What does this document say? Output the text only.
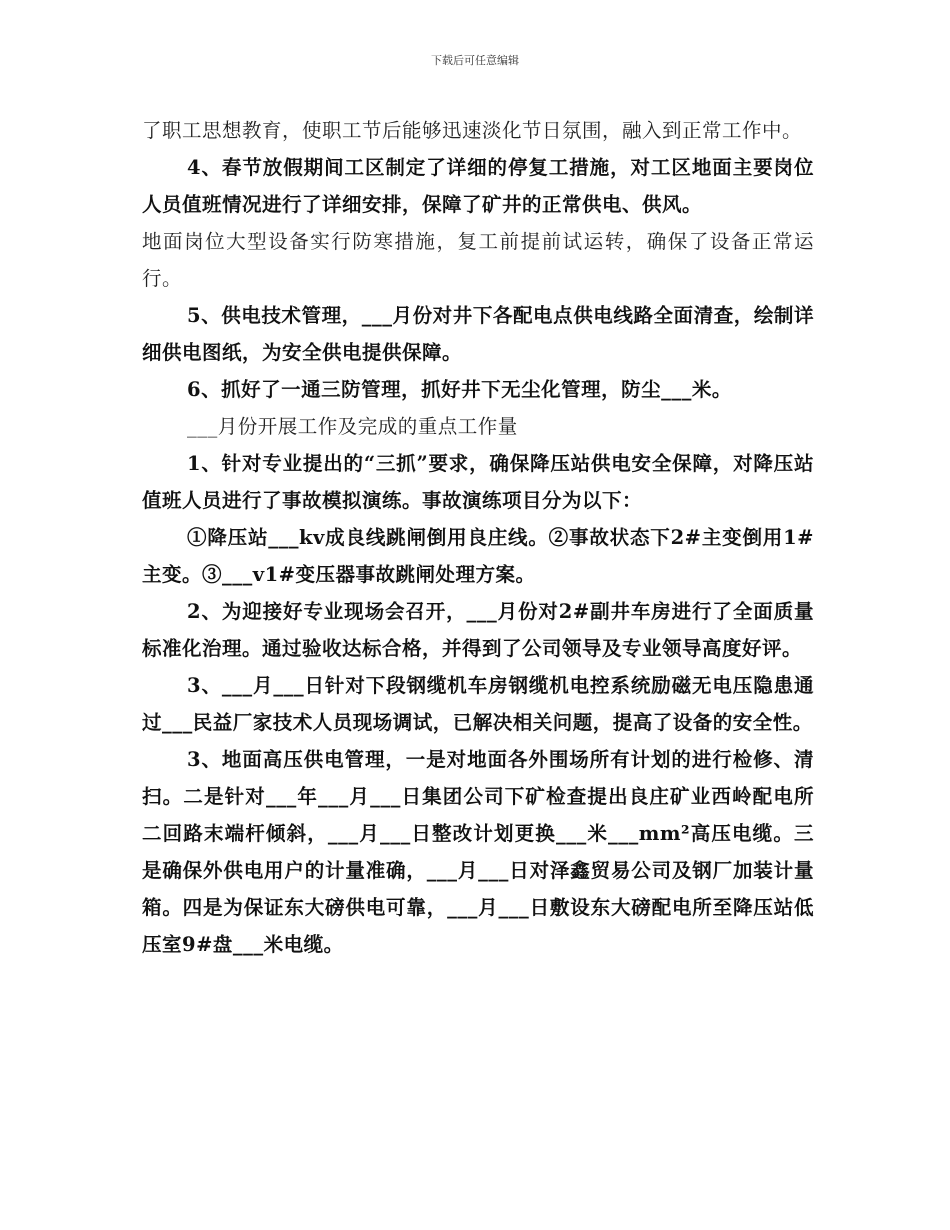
下载后可任意编辑

了职工思想教育，使职工节后能够迅速淡化节日氛围，融入到正常工作中。

4、春节放假期间工区制定了详细的停复工措施，对工区地面主要岗位人员值班情况进行了详细安排，保障了矿井的正常供电、供风。

地面岗位大型设备实行防寒措施，复工前提前试运转，确保了设备正常运行。

5、供电技术管理，___月份对井下各配电点供电线路全面清查，绘制详细供电图纸，为安全供电提供保障。

6、抓好了一通三防管理，抓好井下无尘化管理，防尘___米。

___月份开展工作及完成的重点工作量

1、针对专业提出的“三抓”要求，确保降压站供电安全保障，对降压站值班人员进行了事故模拟演练。事故演练项目分为以下：

①降压站___kv成良线跳闸倒用良庄线。②事故状态下2#主变倒用1#主变。③___v1#变压器事故跳闸处理方案。

2、为迎接好专业现场会召开，___月份对2#副井车房进行了全面质量标准化治理。通过验收达标合格，并得到了公司领导及专业领导高度好评。

3、___月___日针对下段钢缆机车房钢缆机电控系统励磁无电压隐患通过___民益厂家技术人员现场调试，已解决相关问题，提高了设备的安全性。

3、地面高压供电管理，一是对地面各外围场所有计划的进行检修、清扫。二是针对___年___月___日集团公司下矿检查提出良庄矿业西岭配电所二回路末端杆倾斜，___月___日整改计划更换___米___mm²高压电缆。三是确保外供电用户的计量准确，___月___日对泽鑫贸易公司及钢厂加装计量箱。四是为保证东大磅供电可靠，___月___日敷设东大磅配电所至降压站低压室9#盘___米电缆。
